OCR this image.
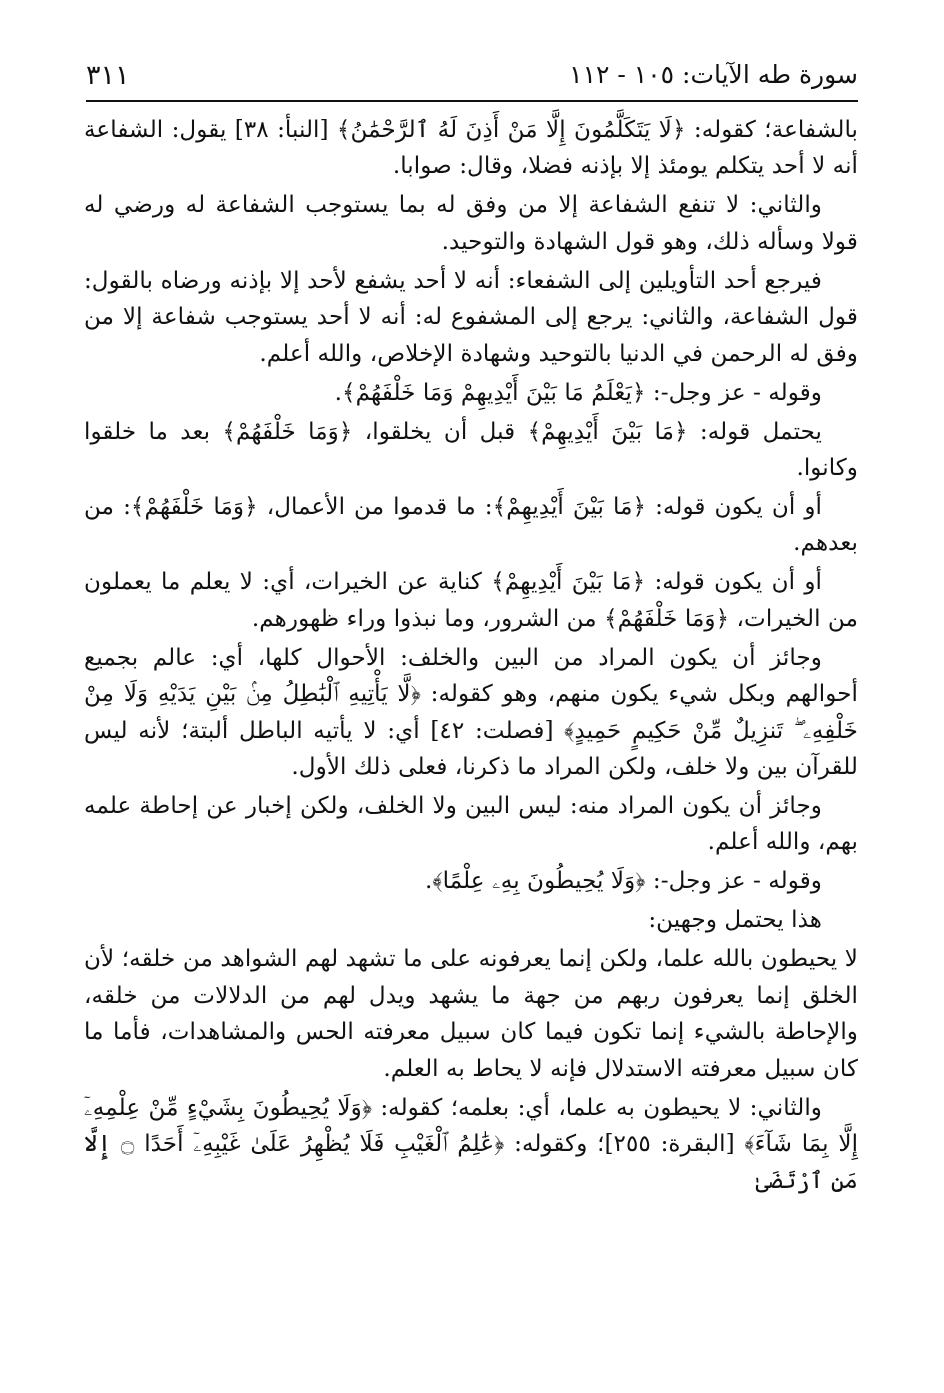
٣١١	سورة طه الآيات: ١٠٥ - ١١٢

بالشفاعة؛ كقوله: ﴿لَا يَتَكَلَّمُونَ إِلَّا مَنْ أَذِنَ لَهُ ٱلرَّحْمَٰنُ﴾ [النبأ: ٣٨] يقول: الشفاعة أنه لا أحد يتكلم يومئذ إلا بإذنه فضلا، وقال: صوابا.

والثاني: لا تنفع الشفاعة إلا من وفق له بما يستوجب الشفاعة له ورضي له قولا وسأله ذلك، وهو قول الشهادة والتوحيد.

فيرجع أحد التأويلين إلى الشفعاء: أنه لا أحد يشفع لأحد إلا بإذنه ورضاه بالقول: قول الشفاعة، والثاني: يرجع إلى المشفوع له: أنه لا أحد يستوجب شفاعة إلا من وفق له الرحمن في الدنيا بالتوحيد وشهادة الإخلاص، والله أعلم.

وقوله - عز وجل-: ﴿يَعْلَمُ مَا بَيْنَ أَيْدِيهِمْ وَمَا خَلْفَهُمْ﴾.

يحتمل قوله: ﴿مَا بَيْنَ أَيْدِيهِمْ﴾ قبل أن يخلقوا، ﴿وَمَا خَلْفَهُمْ﴾ بعد ما خلقوا وكانوا.

أو أن يكون قوله: ﴿مَا بَيْنَ أَيْدِيهِمْ﴾: ما قدموا من الأعمال، ﴿وَمَا خَلْفَهُمْ﴾: من بعدهم.

أو أن يكون قوله: ﴿مَا بَيْنَ أَيْدِيهِمْ﴾ كناية عن الخيرات، أي: لا يعلم ما يعملون من الخيرات، ﴿وَمَا خَلْفَهُمْ﴾ من الشرور، وما نبذوا وراء ظهورهم.

وجائز أن يكون المراد من البين والخلف: الأحوال كلها، أي: عالم بجميع أحوالهم وبكل شيء يكون منهم، وهو كقوله: ﴿لَّا يَأْتِيهِ ٱلْبَٰطِلُ مِنۢ بَيْنِ يَدَيْهِ وَلَا مِنْ خَلْفِهِۦ ۖ تَنزِيلٌ مِّنْ حَكِيمٍ حَمِيدٍ﴾ [فصلت: ٤٢] أي: لا يأتيه الباطل ألبتة؛ لأنه ليس للقرآن بين ولا خلف، ولكن المراد ما ذكرنا، فعلى ذلك الأول.

وجائز أن يكون المراد منه: ليس البين ولا الخلف، ولكن إخبار عن إحاطة علمه بهم، والله أعلم.

وقوله - عز وجل-: ﴿وَلَا يُحِيطُونَ بِهِۦ عِلْمًا﴾.

هذا يحتمل وجهين:

لا يحيطون بالله علما، ولكن إنما يعرفونه على ما تشهد لهم الشواهد من خلقه؛ لأن الخلق إنما يعرفون ربهم من جهة ما يشهد ويدل لهم من الدلالات من خلقه، والإحاطة بالشيء إنما تكون فيما كان سبيل معرفته الحس والمشاهدات، فأما ما كان سبيل معرفته الاستدلال فإنه لا يحاط به العلم.

والثاني: لا يحيطون به علما، أي: بعلمه؛ كقوله: ﴿وَلَا يُحِيطُونَ بِشَيْءٍ مِّنْ عِلْمِهِۦٓ إِلَّا بِمَا شَآءَ﴾ [البقرة: ٢٥٥]؛ وكقوله: ﴿عَٰلِمُ ٱلْغَيْبِ فَلَا يُظْهِرُ عَلَىٰ غَيْبِهِۦٓ أَحَدًا ۝ إِلَّا مَنِ ٱرْتَضَىٰ
